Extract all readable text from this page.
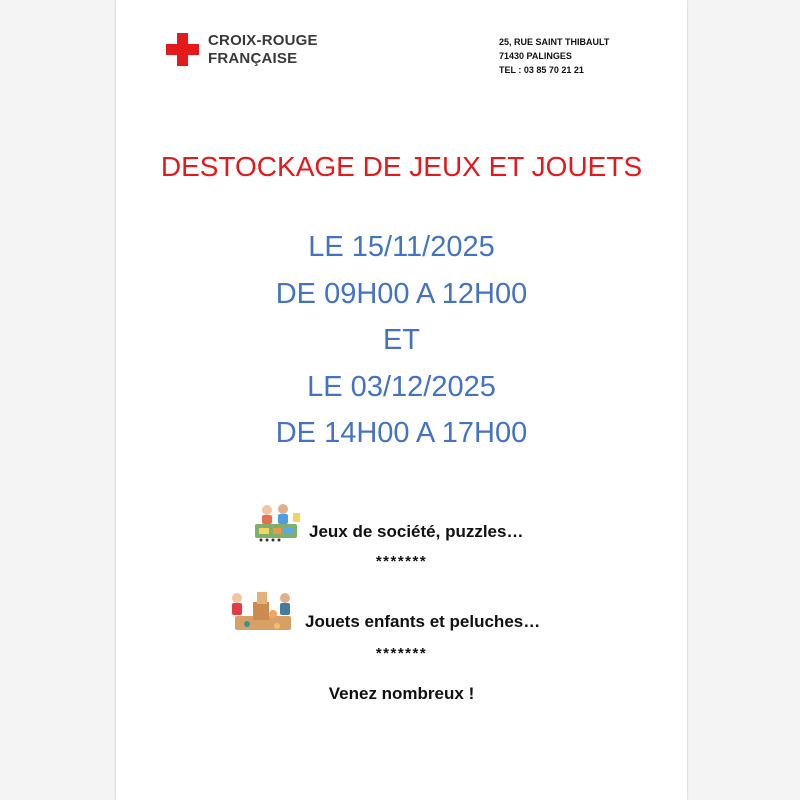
CROIX-ROUGE
FRANÇAISE
25, RUE SAINT THIBAULT
71430 PALINGES
TEL : 03 85 70 21 21
DESTOCKAGE DE JEUX ET JOUETS
LE 15/11/2025
DE 09H00 A 12H00
ET
LE 03/12/2025
DE 14H00 A 17H00
Jeux de société, puzzles…
*******
Jouets enfants et peluches…
*******
Venez nombreux !
